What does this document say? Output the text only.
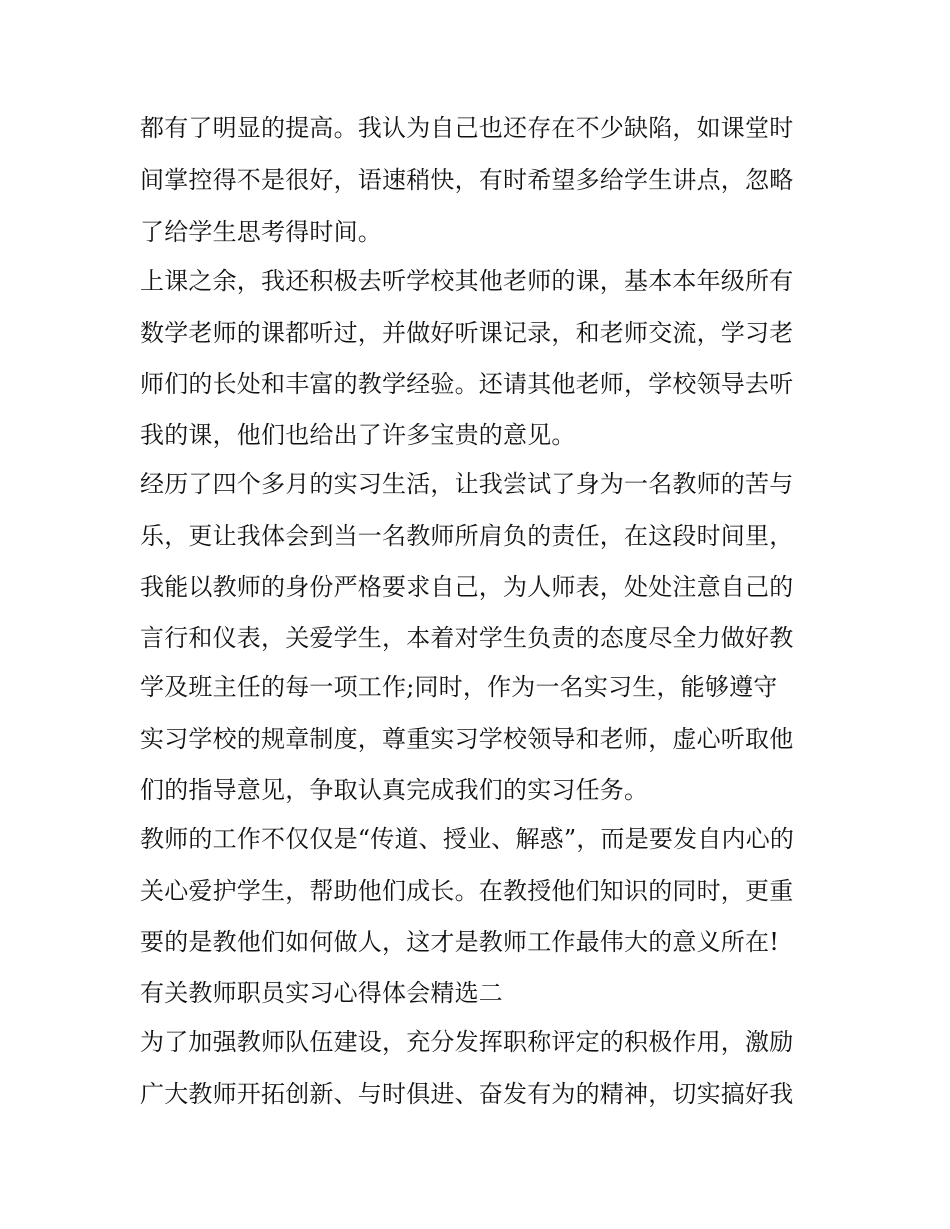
都有了明显的提高。我认为自己也还存在不少缺陷，如课堂时
间掌控得不是很好，语速稍快，有时希望多给学生讲点，忽略
了给学生思考得时间。
上课之余，我还积极去听学校其他老师的课，基本本年级所有
数学老师的课都听过，并做好听课记录，和老师交流，学习老
师们的长处和丰富的教学经验。还请其他老师，学校领导去听
我的课，他们也给出了许多宝贵的意见。
经历了四个多月的实习生活，让我尝试了身为一名教师的苦与
乐，更让我体会到当一名教师所肩负的责任，在这段时间里，
我能以教师的身份严格要求自己，为人师表，处处注意自己的
言行和仪表，关爱学生，本着对学生负责的态度尽全力做好教
学及班主任的每一项工作;同时，作为一名实习生，能够遵守
实习学校的规章制度，尊重实习学校领导和老师，虚心听取他
们的指导意见，争取认真完成我们的实习任务。
教师的工作不仅仅是“传道、授业、解惑”，而是要发自内心的
关心爱护学生，帮助他们成长。在教授他们知识的同时，更重
要的是教他们如何做人，这才是教师工作最伟大的意义所在!
有关教师职员实习心得体会精选二
为了加强教师队伍建设，充分发挥职称评定的积极作用，激励
广大教师开拓创新、与时俱进、奋发有为的精神，切实搞好我
